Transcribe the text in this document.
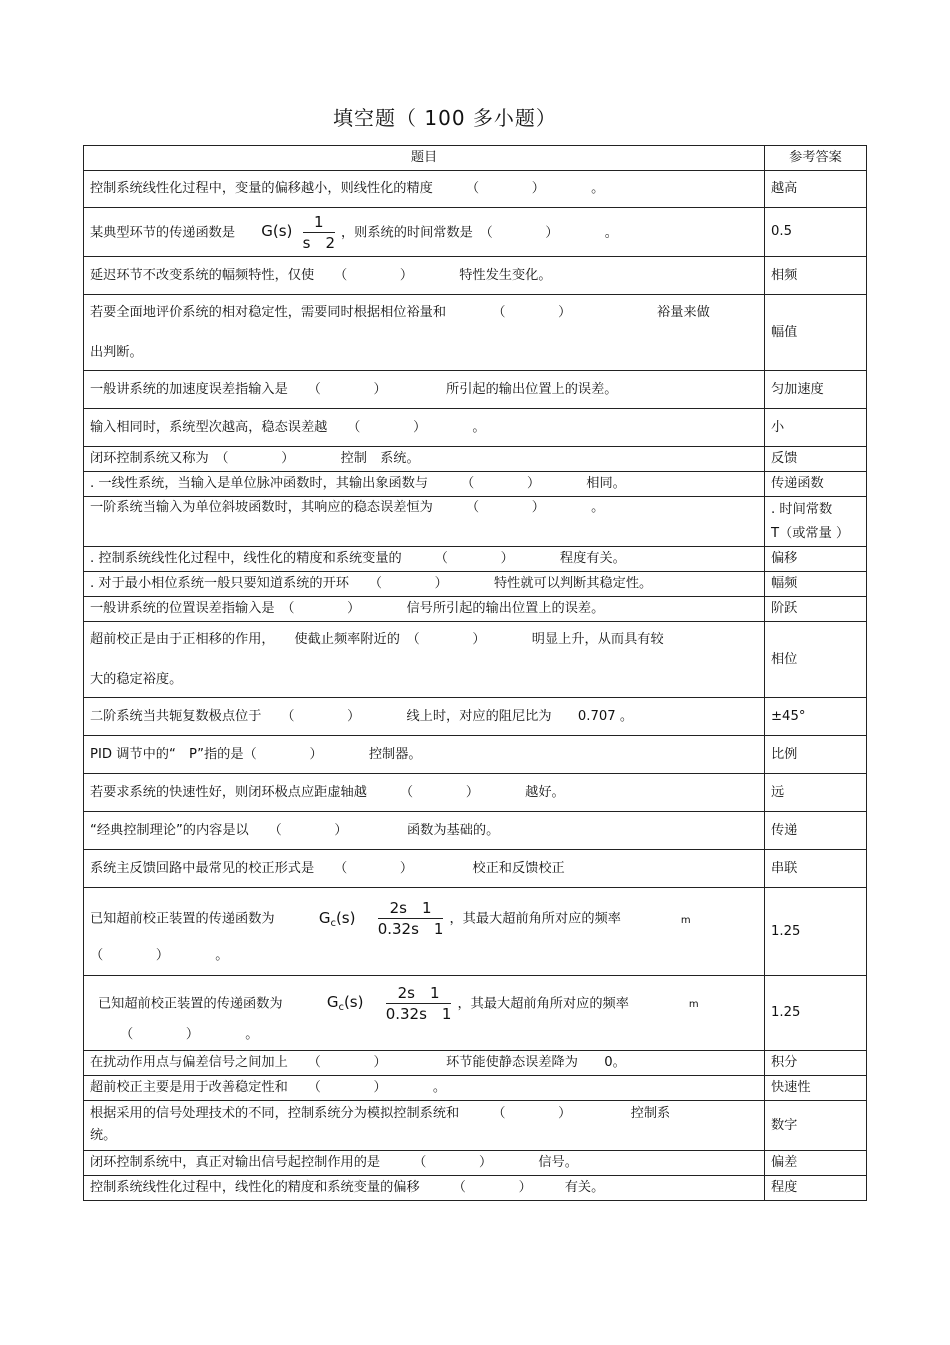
填空题（ 100 多小题）
题目	参考答案
控制系统线性化过程中，变量的偏移越小，则线性化的精度　　　（　　　　）　　　　。	越高
某典型环节的传递函数是 $G(s) \frac{1}{s 2}$ ，则系统的时间常数是　（　　　　）　　　　。	0.5
延迟环节不改变系统的幅频特性，仅使　　（　　　　）　　　　特性发生变化。	相频

若要全面地评价系统的相对稳定性，需要同时根据相位裕量和　　　　（　　　　）　　　　　　　裕量来做
出判断。	幅值
一般讲系统的加速度误差指输入是　　（　　　　）　　　　　所引起的输出位置上的误差。	匀加速度
输入相同时，系统型次越高，稳态误差越　　（　　　　）　　　　。	小
闭环控制系统又称为　（　　　　）　　　　控制　系统。	反馈
. 一线性系统，当输入是单位脉冲函数时，其输出象函数与　　　（　　　　）　　　　相同。	传递函数
一阶系统当输入为单位斜坡函数时，其响应的稳态误差恒为　　　（　　　　）　　　　。	. 时间常数
T（或常量 ）

. 控制系统线性化过程中，线性化的精度和系统变量的　　　（　　　　）　　　　程度有关。	偏移
. 对于最小相位系统一般只要知道系统的开环　　（　　　　）　　　　特性就可以判断其稳定性。	幅频
一般讲系统的位置误差指输入是　（　　　　）　　　　信号所引起的输出位置上的误差。	阶跃

超前校正是由于正相移的作用，　　使截止频率附近的　（　　　　）　　　　明显上升，从而具有较
大的稳定裕度。	相位
二阶系统当共轭复数极点位于　　（　　　　）　　　　线上时，对应的阻尼比为　　0.707 。	±45°
PID 调节中的“　P”指的是（　　　　）　　　　控制器。	比例
若要求系统的快速性好，则闭环极点应距虚轴越　　　（　　　　）　　　　越好。	远
“经典控制理论”的内容是以　　（　　　　）　　　　　函数为基础的。	传递
系统主反馈回路中最常见的校正形式是　　（　　　　）　　　　　校正和反馈校正	串联

已知超前校正装置的传递函数为 $G_c(s) \frac{2s 1}{0.32s 1}$ ，其最大超前角所对应的频率 m
（　　　　）　　　　。	1.25

已知超前校正装置的传递函数为 $G_c(s) \frac{2s 1}{0.32s 1}$ ，其最大超前角所对应的频率 m
（　　　　）　　　　。	1.25
在扰动作用点与偏差信号之间加上　　（　　　　）　　　　　环节能使静态误差降为　　0。	积分
超前校正主要是用于改善稳定性和　　（　　　　）　　　　。	快速性

根据采用的信号处理技术的不同，控制系统分为模拟控制系统和　　　（　　　　）　　　　　控制系
统。	数字
闭环控制系统中，真正对输出信号起控制作用的是　　　（　　　　）　　　　信号。	偏差
控制系统线性化过程中，线性化的精度和系统变量的偏移　　　（　　　　）　　　有关。	程度
